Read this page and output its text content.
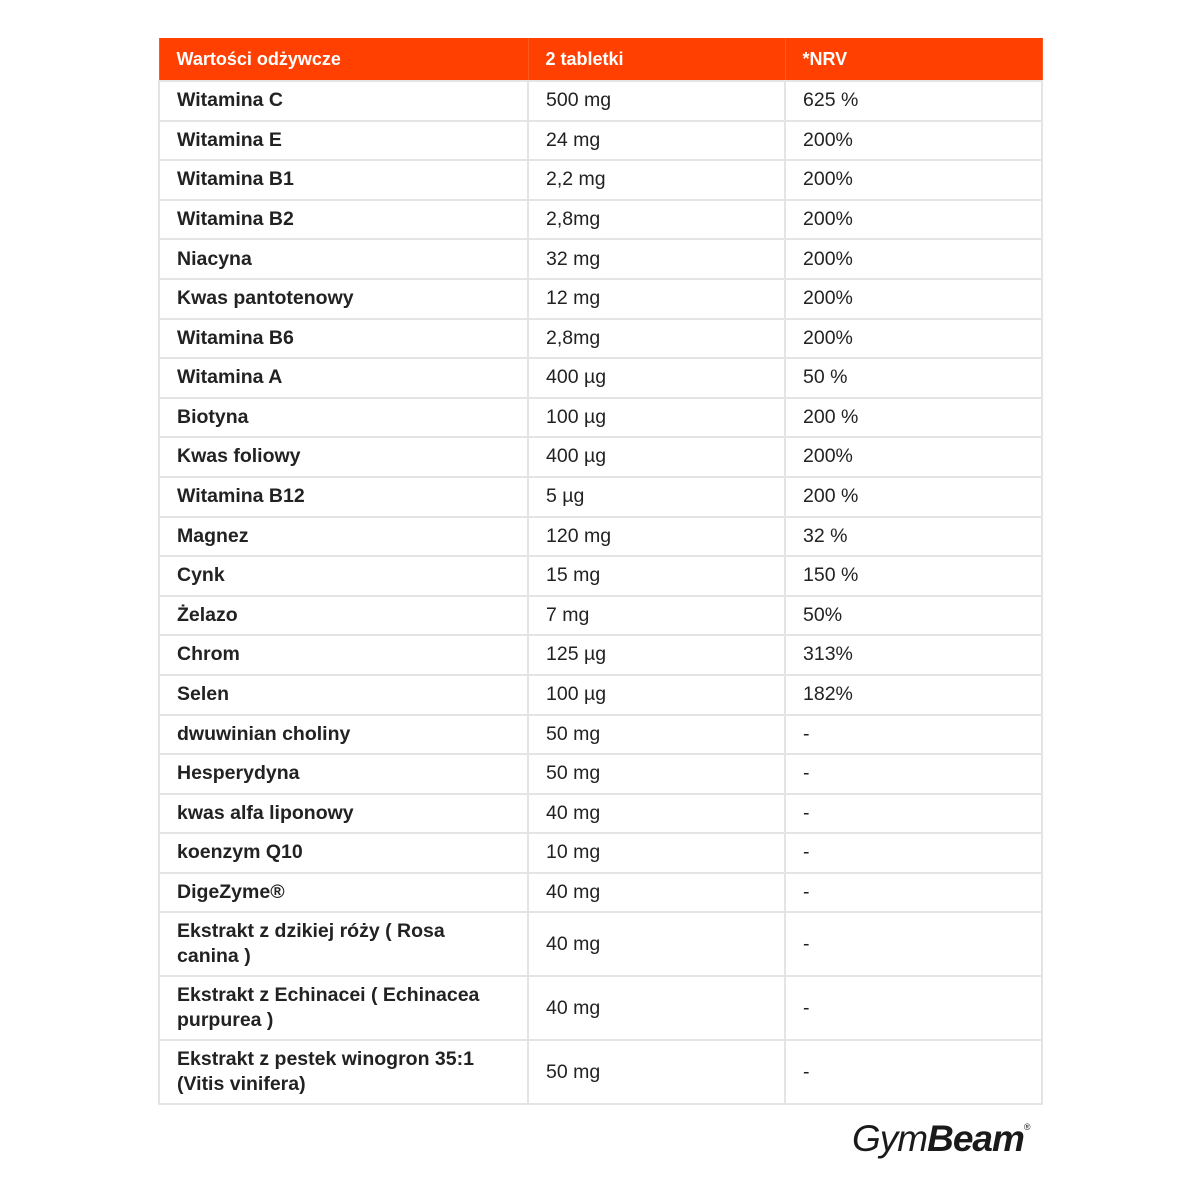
Wartości odżywcze	2 tabletki	*NRV
Witamina C	500 mg	625 %
Witamina E	24 mg	200%
Witamina B1	2,2 mg	200%
Witamina B2	2,8mg	200%
Niacyna	32 mg	200%
Kwas pantotenowy	12 mg	200%
Witamina B6	2,8mg	200%
Witamina A	400 µg	50 %
Biotyna	100 µg	200 %
Kwas foliowy	400 µg	200%
Witamina B12	5 µg	200 %
Magnez	120 mg	32 %
Cynk	15 mg	150 %
Żelazo	7 mg	50%
Chrom	125 µg	313%
Selen	100 µg	182%
dwuwinian choliny	50 mg	-
Hesperydyna	50 mg	-
kwas alfa liponowy	40 mg	-
koenzym Q10	10 mg	-
DigeZyme®	40 mg	-
Ekstrakt z dzikiej róży ( Rosa canina )	40 mg	-
Ekstrakt z Echinacei ( Echinacea purpurea )	40 mg	-
Ekstrakt z pestek winogron 35:1 (Vitis vinifera)	50 mg	-
GymBeam®
